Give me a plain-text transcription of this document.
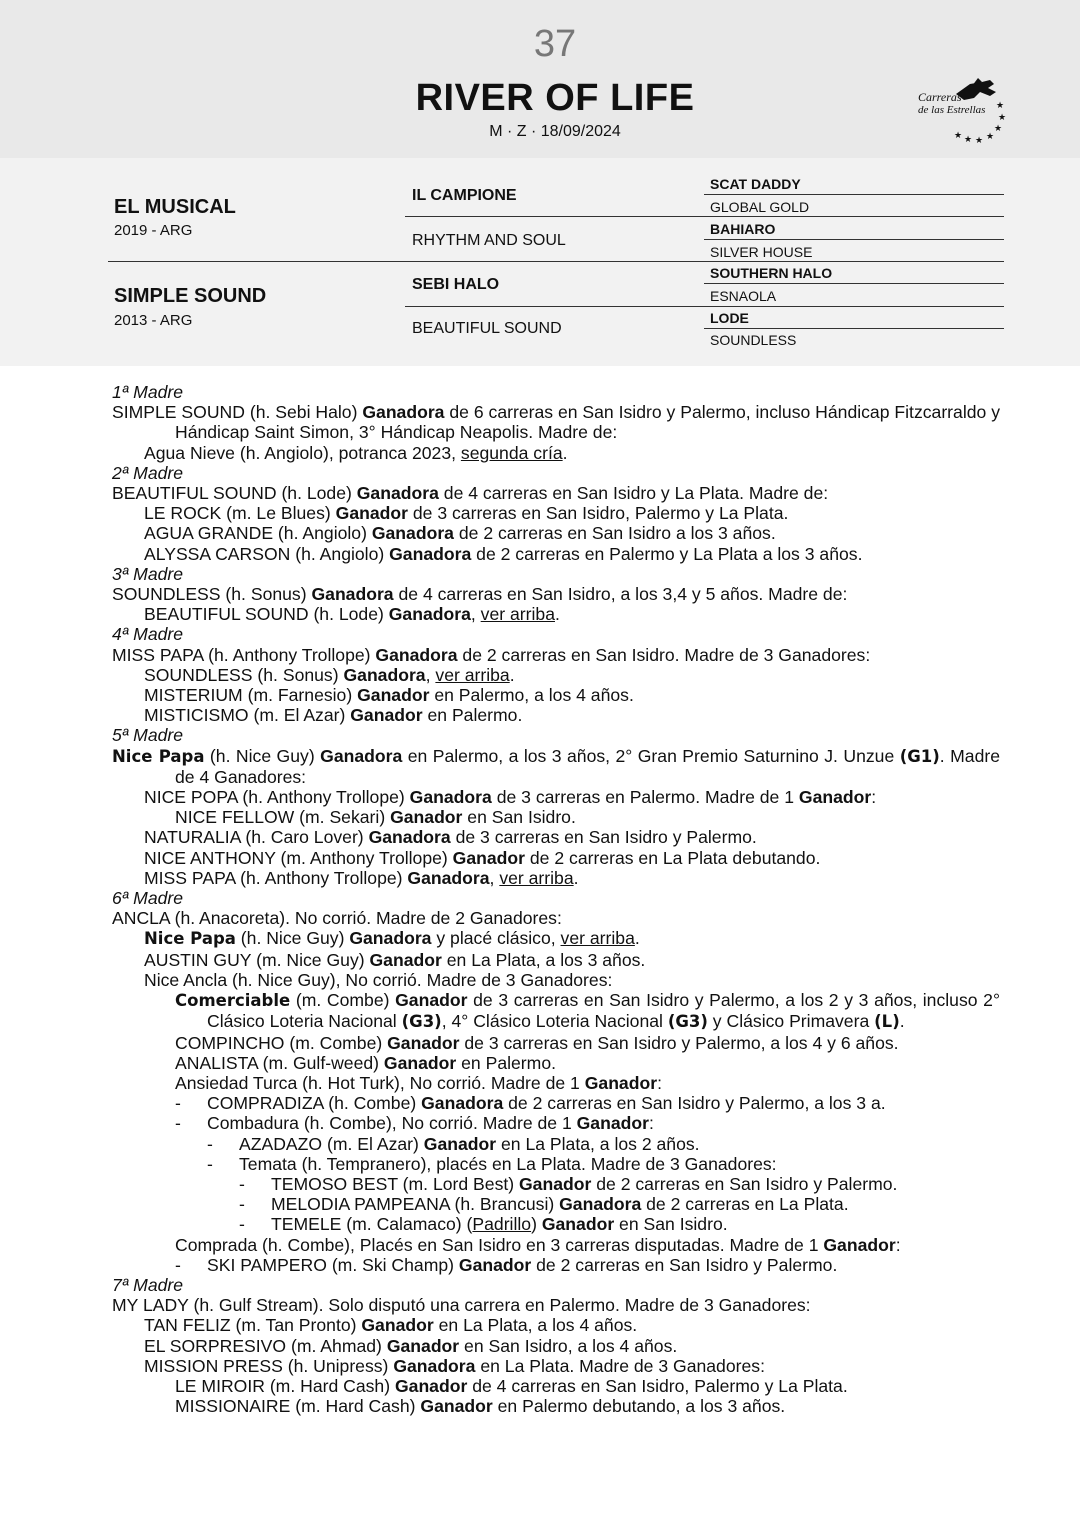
37
RIVER OF LIFE
M · Z · 18/09/2024
★
★
★
★
★
★
★
Carreras
de las Estrellas
EL MUSICAL
2019 - ARG
SIMPLE SOUND
2013 - ARG
IL CAMPIONE
RHYTHM AND SOUL
SEBI HALO
BEAUTIFUL SOUND
SCAT DADDY
GLOBAL GOLD
BAHIARO
SILVER HOUSE
SOUTHERN HALO
ESNAOLA
LODE
SOUNDLESS
1ª Madre
SIMPLE SOUND (h. Sebi Halo) Ganadora de 6 carreras en San Isidro y Palermo, incluso Hándicap Fitzcarraldo y Hándicap Saint Simon, 3° Hándicap Neapolis. Madre de:
Agua Nieve (h. Angiolo), potranca 2023, segunda cría.
2ª Madre
BEAUTIFUL SOUND (h. Lode) Ganadora de 4 carreras en San Isidro y La Plata. Madre de:
LE ROCK (m. Le Blues) Ganador de 3 carreras en San Isidro, Palermo y La Plata.
AGUA GRANDE (h. Angiolo) Ganadora de 2 carreras en San Isidro a los 3 años.
ALYSSA CARSON (h. Angiolo) Ganadora de 2 carreras en Palermo y La Plata a los 3 años.
3ª Madre
SOUNDLESS (h. Sonus) Ganadora de 4 carreras en San Isidro, a los 3,4 y 5 años. Madre de:
BEAUTIFUL SOUND (h. Lode) Ganadora, ver arriba.
4ª Madre
MISS PAPA (h. Anthony Trollope) Ganadora de 2 carreras en San Isidro. Madre de 3 Ganadores:
SOUNDLESS (h. Sonus) Ganadora, ver arriba.
MISTERIUM (m. Farnesio) Ganador en Palermo, a los 4 años.
MISTICISMO (m. El Azar) Ganador en Palermo.
5ª Madre
Nice Papa (h. Nice Guy) Ganadora en Palermo, a los 3 años, 2° Gran Premio Saturnino J. Unzue (G1). Madre de 4 Ganadores:
NICE POPA (h. Anthony Trollope) Ganadora de 3 carreras en Palermo. Madre de 1 Ganador:
NICE FELLOW (m. Sekari) Ganador en San Isidro.
NATURALIA (h. Caro Lover) Ganadora de 3 carreras en San Isidro y Palermo.
NICE ANTHONY (m. Anthony Trollope) Ganador de 2 carreras en La Plata debutando.
MISS PAPA (h. Anthony Trollope) Ganadora, ver arriba.
6ª Madre
ANCLA (h. Anacoreta). No corrió. Madre de 2 Ganadores:
Nice Papa (h. Nice Guy) Ganadora y placé clásico, ver arriba.
AUSTIN GUY (m. Nice Guy) Ganador en La Plata, a los 3 años.
Nice Ancla (h. Nice Guy), No corrió. Madre de 3 Ganadores:
Comerciable (m. Combe) Ganador de 3 carreras en San Isidro y Palermo, a los 2 y 3 años, incluso 2° Clásico Loteria Nacional (G3), 4° Clásico Loteria Nacional (G3) y Clásico Primavera (L).
COMPINCHO (m. Combe) Ganador de 3 carreras en San Isidro y Palermo, a los 4 y 6 años.
ANALISTA (m. Gulf-weed) Ganador en Palermo.
Ansiedad Turca (h. Hot Turk), No corrió. Madre de 1 Ganador:
- COMPRADIZA (h. Combe) Ganadora de 2 carreras en San Isidro y Palermo, a los 3 a.
- Combadura (h. Combe), No corrió. Madre de 1 Ganador:
- AZADAZO (m. El Azar) Ganador en La Plata, a los 2 años.
- Temata (h. Tempranero), placés en La Plata. Madre de 3 Ganadores:
- TEMOSO BEST (m. Lord Best) Ganador de 2 carreras en San Isidro y Palermo.
- MELODIA PAMPEANA (h. Brancusi) Ganadora de 2 carreras en La Plata.
- TEMELE (m. Calamaco) (Padrillo) Ganador en San Isidro.
Comprada (h. Combe), Placés en San Isidro en 3 carreras disputadas. Madre de 1 Ganador:
- SKI PAMPERO (m. Ski Champ) Ganador de 2 carreras en San Isidro y Palermo.
7ª Madre
MY LADY (h. Gulf Stream). Solo disputó una carrera en Palermo. Madre de 3 Ganadores:
TAN FELIZ (m. Tan Pronto) Ganador en La Plata, a los 4 años.
EL SORPRESIVO (m. Ahmad) Ganador en San Isidro, a los 4 años.
MISSION PRESS (h. Unipress) Ganadora en La Plata. Madre de 3 Ganadores:
LE MIROIR (m. Hard Cash) Ganador de 4 carreras en San Isidro, Palermo y La Plata.
MISSIONAIRE (m. Hard Cash) Ganador en Palermo debutando, a los 3 años.
